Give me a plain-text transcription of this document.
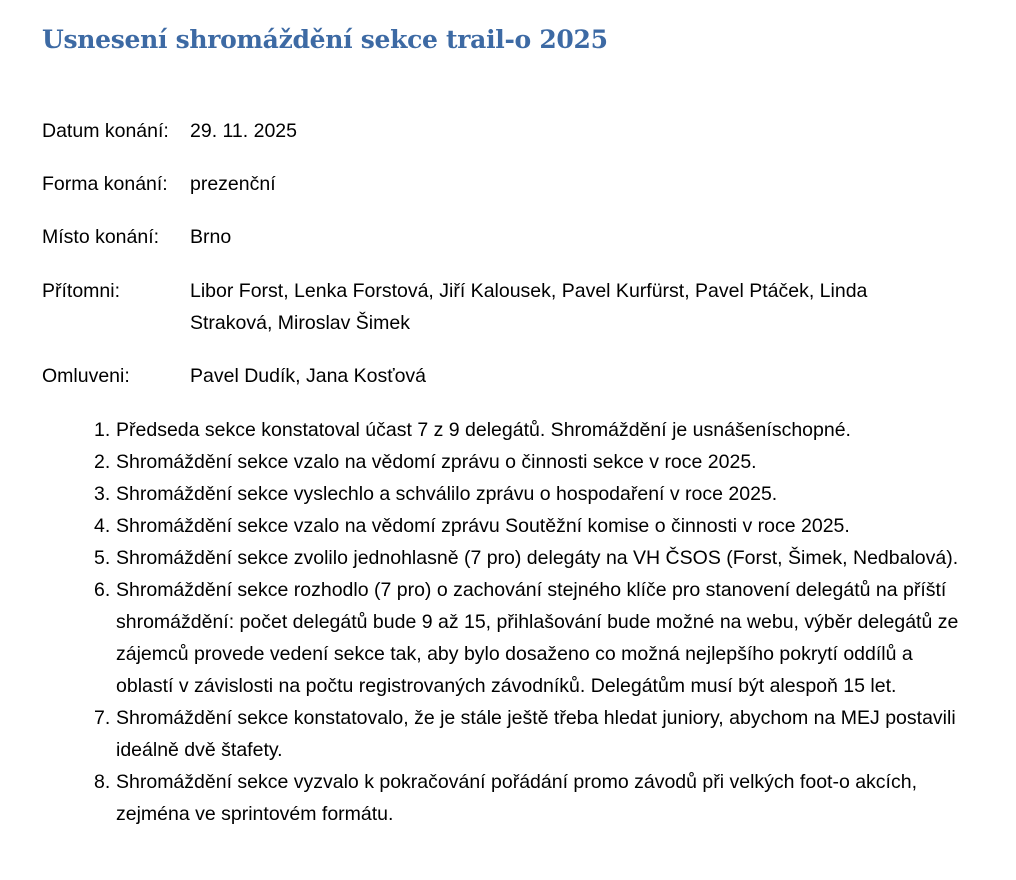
Usnesení shromáždění sekce trail-o 2025
Datum konání:	29. 11. 2025
Forma konání:	prezenční
Místo konání:	Brno
Přítomni:	Libor Forst, Lenka Forstová, Jiří Kalousek, Pavel Kurfürst, Pavel Ptáček, Linda Straková, Miroslav Šimek
Omluveni:	Pavel Dudík, Jana Kosťová
1. Předseda sekce konstatoval účast 7 z 9 delegátů. Shromáždění je usnášeníschopné.
2. Shromáždění sekce vzalo na vědomí zprávu o činnosti sekce v roce 2025.
3. Shromáždění sekce vyslechlo a schválilo zprávu o hospodaření v roce 2025.
4. Shromáždění sekce vzalo na vědomí zprávu Soutěžní komise o činnosti v roce 2025.
5. Shromáždění sekce zvolilo jednohlasně (7 pro) delegáty na VH ČSOS (Forst, Šimek, Nedbalová).
6. Shromáždění sekce rozhodlo (7 pro) o zachování stejného klíče pro stanovení delegátů na příští shromáždění: počet delegátů bude 9 až 15, přihlašování bude možné na webu, výběr delegátů ze zájemců provede vedení sekce tak, aby bylo dosaženo co možná nejlepšího pokrytí oddílů a oblastí v závislosti na počtu registrovaných závodníků. Delegátům musí být alespoň 15 let.
7. Shromáždění sekce konstatovalo, že je stále ještě třeba hledat juniory, abychom na MEJ postavili ideálně dvě štafety.
8. Shromáždění sekce vyzvalo k pokračování pořádání promo závodů při velkých foot-o akcích, zejména ve sprintovém formátu.
